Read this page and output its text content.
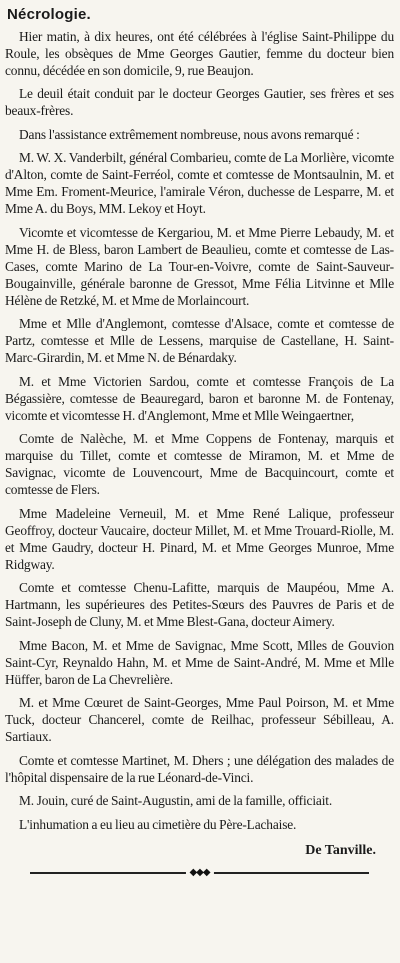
Nécrologie.

Hier matin, à dix heures, ont été célébrées à l'église Saint-Philippe du Roule, les obsèques de Mme Georges Gautier, femme du docteur bien connu, décédée en son domicile, 9, rue Beaujon.

Le deuil était conduit par le docteur Georges Gautier, ses frères et ses beaux-frères.

Dans l'assistance extrêmement nombreuse, nous avons remarqué :

M. W. X. Vanderbilt, général Combarieu, comte de La Morlière, vicomte d'Alton, comte de Saint-Ferréol, comte et comtesse de Montsaulnin, M. et Mme Em. Froment-Meurice, l'amirale Véron, duchesse de Lesparre, M. et Mme A. du Boys, MM. Lekoy et Hoyt.

Vicomte et vicomtesse de Kergariou, M. et Mme Pierre Lebaudy, M. et Mme H. de Bless, baron Lambert de Beaulieu, comte et comtesse de Las-Cases, comte Marino de La Tour-en-Voivre, comte de Saint-Sauveur-Bougainville, générale baronne de Gressot, Mme Félia Litvinne et Mlle Hélène de Retzké, M. et Mme de Morlaincourt.

Mme et Mlle d'Anglemont, comtesse d'Alsace, comte et comtesse de Partz, comtesse et Mlle de Lessens, marquise de Castellane, H. Saint-Marc-Girardin, M. et Mme N. de Bénardaky.

M. et Mme Victorien Sardou, comte et comtesse François de La Bégassière, comtesse de Beauregard, baron et baronne M. de Fontenay, vicomte et vicomtesse H. d'Anglemont, Mme et Mlle Weingaertner,

Comte de Nalèche, M. et Mme Coppens de Fontenay, marquis et marquise du Tillet, comte et comtesse de Miramon, M. et Mme de Savignac, vicomte de Louvencourt, Mme de Bacquincourt, comte et comtesse de Flers.

Mme Madeleine Verneuil, M. et Mme René Lalique, professeur Geoffroy, docteur Vaucaire, docteur Millet, M. et Mme Trouard-Riolle, M. et Mme Gaudry, docteur H. Pinard, M. et Mme Georges Munroe, Mme Ridgway.

Comte et comtesse Chenu-Lafitte, marquis de Maupéou, Mme A. Hartmann, les supérieures des Petites-Sœurs des Pauvres de Paris et de Saint-Joseph de Cluny, M. et Mme Blest-Gana, docteur Aimery.

Mme Bacon, M. et Mme de Savignac, Mme Scott, Mlles de Gouvion Saint-Cyr, Reynaldo Hahn, M. et Mme de Saint-André, M. Mme et Mlle Hüffer, baron de La Chevrelière.

M. et Mme Cœuret de Saint-Georges, Mme Paul Poirson, M. et Mme Tuck, docteur Chancerel, comte de Reilhac, professeur Sébilleau, A. Sartiaux.

Comte et comtesse Martinet, M. Dhers ; une délégation des malades de l'hôpital dispensaire de la rue Léonard-de-Vinci.

M. Jouin, curé de Saint-Augustin, ami de la famille, officiait.

L'inhumation a eu lieu au cimetière du Père-Lachaise.

De Tanville.
◆◆◆
